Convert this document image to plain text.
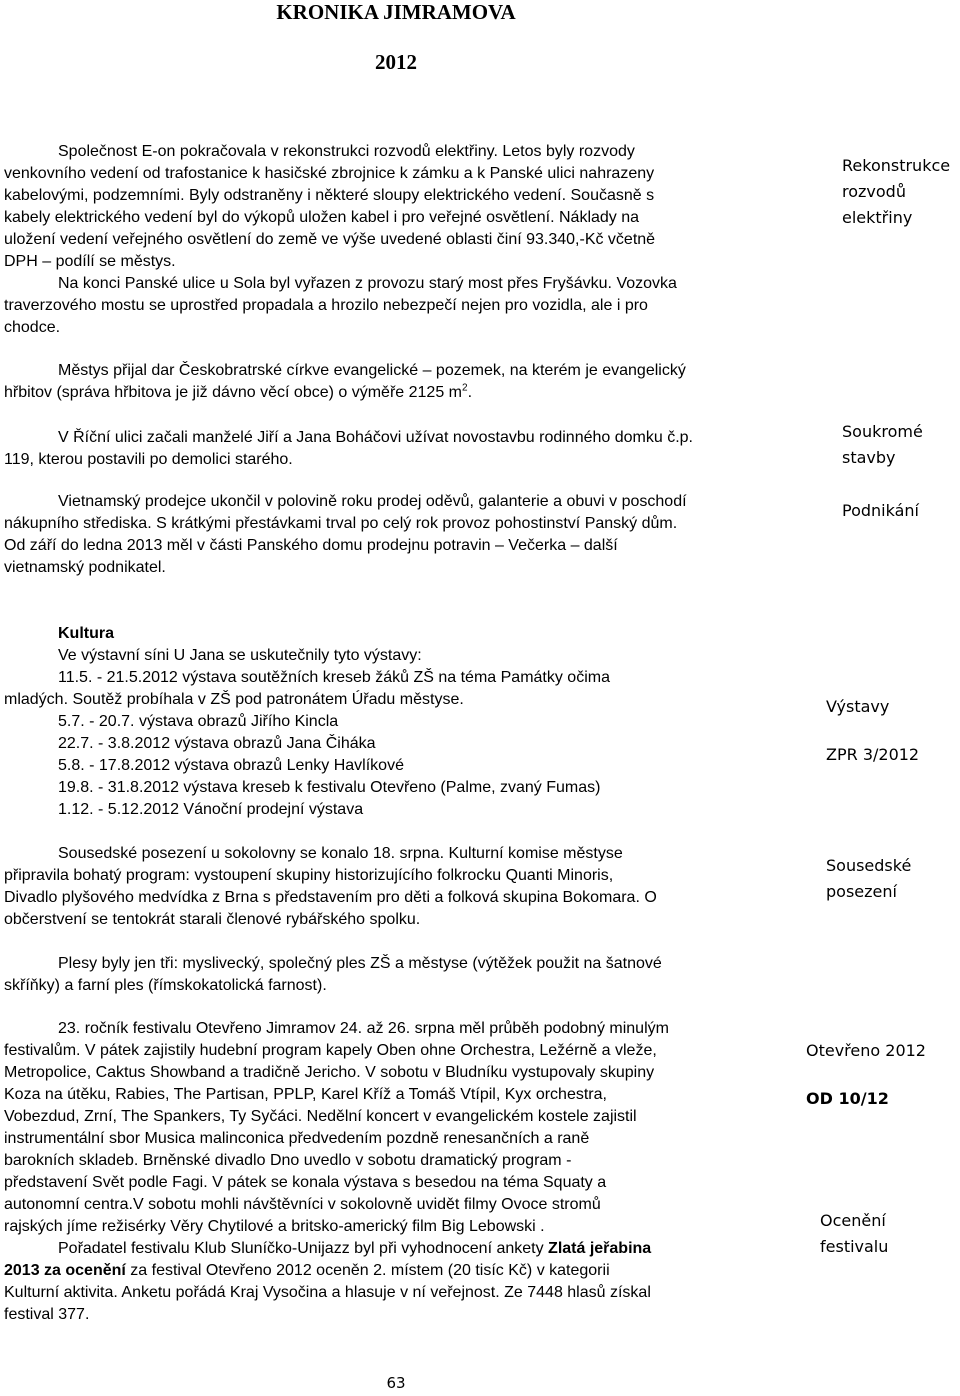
KRONIKA JIMRAMOVA
2012
Společnost E-on pokračovala v rekonstrukci rozvodů elektřiny. Letos byly rozvody
venkovního vedení od trafostanice k hasičské zbrojnice k zámku a k Panské ulici nahrazeny
kabelovými, podzemními. Byly odstraněny i některé sloupy elektrického vedení. Současně s
kabely elektrického vedení byl do výkopů uložen kabel i pro veřejné osvětlení. Náklady na
uložení vedení veřejného osvětlení do země ve výše uvedené oblasti činí 93.340,-Kč včetně
DPH – podílí se městys.
Na konci Panské ulice u Sola byl vyřazen z provozu starý most přes Fryšávku. Vozovka
traverzového mostu se uprostřed propadala a hrozilo nebezpečí nejen pro vozidla, ale i pro
chodce.
Městys přijal dar Českobratrské církve evangelické – pozemek, na kterém je evangelický
hřbitov (správa hřbitova je již dávno věcí obce) o výměře 2125 $m^2$.
V Říční ulici začali manželé Jiří a Jana Boháčovi užívat novostavbu rodinného domku č.p.
119, kterou postavili po demolici starého.
Vietnamský prodejce ukončil v polovině roku prodej oděvů, galanterie a obuvi v poschodí
nákupního střediska. S krátkými přestávkami trval po celý rok provoz pohostinství Panský dům.
Od září do ledna 2013 měl v části Panského domu prodejnu potravin – Večerka – další
vietnamský podnikatel.
Kultura
Ve výstavní síni U Jana se uskutečnily tyto výstavy:
11.5. - 21.5.2012 výstava soutěžních kreseb žáků ZŠ na téma Památky očima
mladých. Soutěž probíhala v ZŠ pod patronátem Úřadu městyse.
5.7. - 20.7. výstava obrazů Jiřího Kincla
22.7. - 3.8.2012 výstava obrazů Jana Čiháka
5.8. - 17.8.2012 výstava obrazů Lenky Havlíkové
19.8. - 31.8.2012 výstava kreseb k festivalu Otevřeno (Palme, zvaný Fumas)
1.12. - 5.12.2012 Vánoční prodejní výstava
Sousedské posezení u sokolovny se konalo 18. srpna. Kulturní komise městyse
připravila bohatý program: vystoupení skupiny historizujícího folkrocku Quanti Minoris,
Divadlo plyšového medvídka z Brna s představením pro děti a folková skupina Bokomara. O
občerstvení se tentokrát starali členové rybářského spolku.
Plesy byly jen tři: myslivecký, společný ples ZŠ a městyse (výtěžek použit na šatnové
skříňky) a farní ples (římskokatolická farnost).
23. ročník festivalu Otevřeno Jimramov 24. až 26. srpna měl průběh podobný minulým
festivalům. V pátek zajistily hudební program kapely Oben ohne Orchestra, Ležérně a vleže,
Metropolice, Caktus Showband a tradičně Jericho. V sobotu v Bludníku vystupovaly skupiny
Koza na útěku, Rabies, The Partisan, PPLP, Karel Kříž a Tomáš Vtípil, Kyx orchestra,
Vobezdud, Zrní, The Spankers, Ty Syčáci. Nedělní koncert v evangelickém kostele zajistil
instrumentální sbor Musica malinconica předvedením pozdně renesančních a raně
barokních skladeb. Brněnské divadlo Dno uvedlo v sobotu dramatický program -
představení Svět podle Fagi. V pátek se konala výstava s besedou na téma Squaty a
autonomní centra.V sobotu mohli návštěvníci v sokolovně uvidět filmy Ovoce stromů
rajských jíme režisérky Věry Chytilové a britsko-americký film Big Lebowski .
Pořadatel festivalu Klub Sluníčko-Unijazz byl při vyhodnocení ankety Zlatá jeřabina
2013 za ocenění za festival Otevřeno 2012 oceněn 2. místem (20 tisíc Kč) v kategorii
Kulturní aktivita. Anketu pořádá Kraj Vysočina a hlasuje v ní veřejnost. Ze 7448 hlasů získal
festival 377.
Rekonstrukce
rozvodů
elektřiny
Soukromé
stavby
Podnikání
Výstavy
ZPR 3/2012
Sousedské
posezení
Otevřeno 2012
OD 10/12
Ocenění
festivalu
63
